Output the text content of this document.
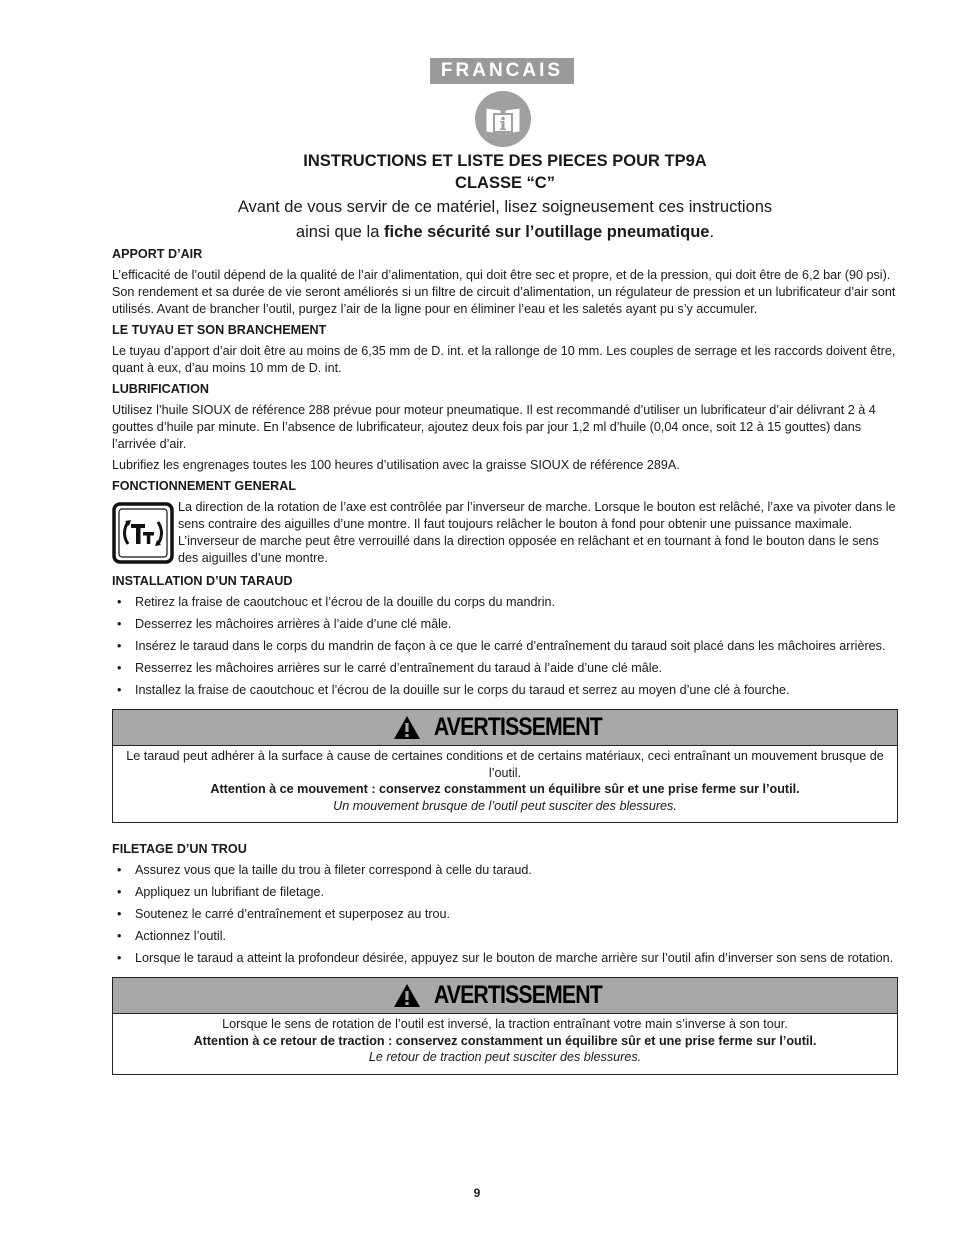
FRANCAIS
INSTRUCTIONS ET LISTE DES PIECES POUR TP9A
CLASSE “C”
Avant de vous servir de ce matériel, lisez soigneusement ces instructions
ainsi que la fiche sécurité sur l’outillage pneumatique.
APPORT D’AIR

L’efficacité de l’outil dépend de la qualité de l’air d’alimentation, qui doit être sec et propre, et de la pression, qui doit être de 6,2 bar (90 psi). Son rendement et sa durée de vie seront améliorés si un filtre de circuit d’alimentation, un régulateur de pression et un lubrificateur d’air sont utilisés. Avant de brancher l’outil, purgez l’air de la ligne pour en éliminer l’eau et les saletés ayant pu s’y accumuler.

LE TUYAU ET SON BRANCHEMENT

Le tuyau d’apport d’air doit être au moins de 6,35 mm de D. int. et la rallonge de 10 mm. Les couples de serrage et les raccords doivent être, quant à eux, d’au moins 10 mm de D. int.

LUBRIFICATION

Utilisez l’huile SIOUX de référence 288 prévue pour moteur pneumatique. Il est recommandé d’utiliser un lubrificateur d’air délivrant 2 à 4 gouttes d’huile par minute. En l’absence de lubrificateur, ajoutez deux fois par jour 1,2 ml d’huile (0,04 once, soit 12 à 15 gouttes) dans l’arrivée d’air.

Lubrifiez les engrenages toutes les 100 heures d’utilisation avec la graisse SIOUX de référence 289A.

FONCTIONNEMENT GENERAL

La direction de la rotation de l’axe est contrôlée par l’inverseur de marche. Lorsque le bouton est relâché, l’axe va pivoter dans le sens contraire des aiguilles d’une montre. Il faut toujours relâcher le bouton à fond pour obtenir une puissance maximale. L’inverseur de marche peut être verrouillé dans la direction opposée en relâchant et en tournant à fond le bouton dans le sens des aiguilles d’une montre.

INSTALLATION D’UN TARAUD
• Retirez la fraise de caoutchouc et l’écrou de la douille du corps du mandrin.
• Desserrez les mâchoires arrières à l’aide d’une clé mâle.
• Insérez le taraud dans le corps du mandrin de façon à ce que le carré d’entraînement du taraud soit placé dans les mâchoires arrières.
• Resserrez les mâchoires arrières sur le carré d’entraînement du taraud à l’aide d’une clé mâle.
• Installez la fraise de caoutchouc et l’écrou de la douille sur le corps du taraud et serrez au moyen d’une clé à fourche.
AVERTISSEMENT
Le taraud peut adhérer à la surface à cause de certaines conditions et de certains matériaux, ceci entraînant un mouvement brusque de l’outil.
Attention à ce mouvement : conservez constamment un équilibre sûr et une prise ferme sur l’outil.
Un mouvement brusque de l’outil peut susciter des blessures.
FILETAGE D’UN TROU
• Assurez vous que la taille du trou à fileter correspond à celle du taraud.
• Appliquez un lubrifiant de filetage.
• Soutenez le carré d’entraînement et superposez au trou.
• Actionnez l’outil.
• Lorsque le taraud a atteint la profondeur désirée, appuyez sur le bouton de marche arrière sur l’outil afin d’inverser son sens de rotation.
AVERTISSEMENT
Lorsque le sens de rotation de l’outil est inversé, la traction entraînant votre main s’inverse à son tour.
Attention à ce retour de traction : conservez constamment un équilibre sûr et une prise ferme sur l’outil.
Le retour de traction peut susciter des blessures.
9
